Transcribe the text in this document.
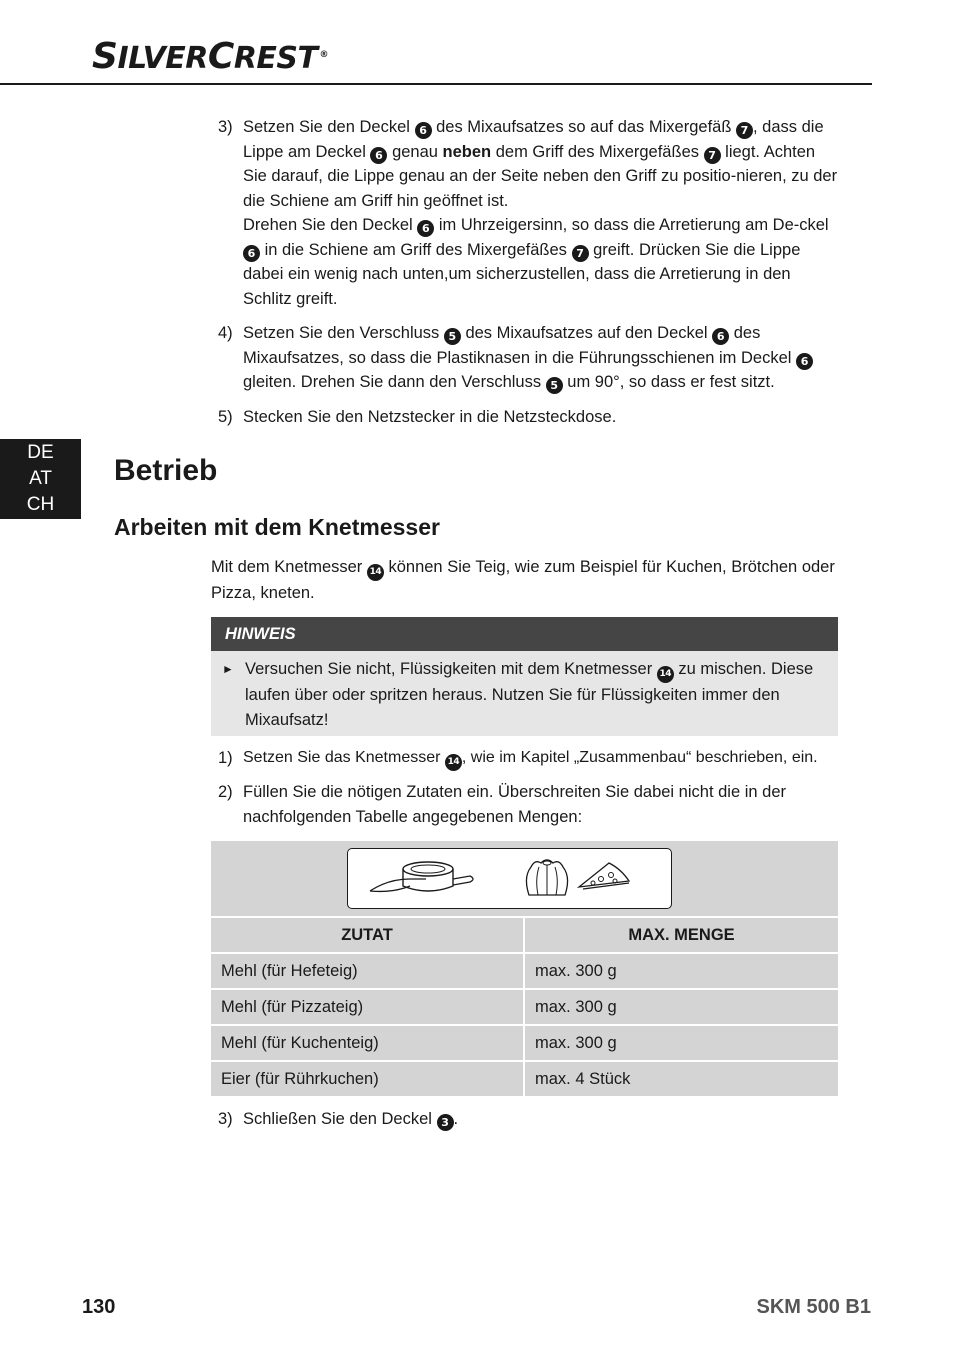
SILVERCREST ®
DE
AT
CH
3) Setzen Sie den Deckel 6 des Mixaufsatzes so auf das Mixergefäß 7 , dass die Lippe am Deckel 6 genau neben dem Griff des Mixergefäßes 7 liegt. Achten Sie darauf, die Lippe genau an der Seite neben den Griff zu positio-nieren, zu der die Schiene am Griff hin geöffnet ist.

Drehen Sie den Deckel 6 im Uhrzeigersinn, so dass die Arretierung am De-ckel 6 in die Schiene am Griff des Mixergefäßes 7 greift. Drücken Sie die Lippe dabei ein wenig nach unten,um sicherzustellen, dass die Arretierung in den Schlitz greift.

4) Setzen Sie den Verschluss 5 des Mixaufsatzes auf den Deckel 6 des Mixaufsatzes, so dass die Plastiknasen in die Führungsschienen im Deckel 6 gleiten. Drehen Sie dann den Verschluss 5 um 90°, so dass er fest sitzt.

5) Stecken Sie den Netzstecker in die Netzsteckdose.

Betrieb
Arbeiten mit dem Knetmesser

Mit dem Knetmesser 14 können Sie Teig, wie zum Beispiel für Kuchen, Brötchen oder Pizza, kneten.

HINWEIS
► Versuchen Sie nicht, Flüssigkeiten mit dem Knetmesser 14 zu mischen. Diese laufen über oder spritzen heraus. Nutzen Sie für Flüssigkeiten immer den Mixaufsatz!
1) Setzen Sie das Knetmesser 14 , wie im Kapitel „Zusammenbau“ beschrieben, ein.
2) Füllen Sie die nötigen Zutaten ein. Überschreiten Sie dabei nicht die in der nachfolgenden Tabelle angegebenen Mengen:
ZUTAT	MAX. MENGE
Mehl (für Hefeteig)	max. 300 g
Mehl (für Pizzateig)	max. 300 g
Mehl (für Kuchenteig)	max. 300 g
Eier (für Rührkuchen)	max. 4 Stück
3) Schließen Sie den Deckel 3 .
130	SKM 500 B1
